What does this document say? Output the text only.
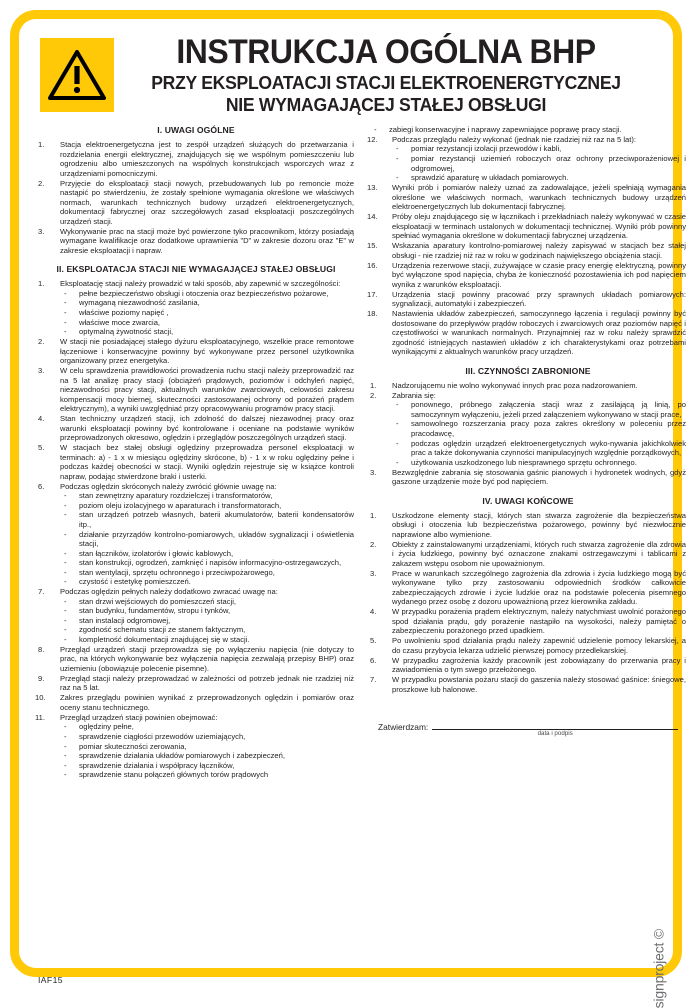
INSTRUKCJA OGÓLNA BHP
PRZY EKSPLOATACJI STACJI ELEKTROENERGTYCZNEJ
NIE WYMAGAJĄCEJ STAŁEJ OBSŁUGI
I. UWAGI OGÓLNE
1.	Stacja elektroenergetyczna jest to zespół urządzeń służących do przetwarzania i rozdzielania energii elektrycznej, znajdujących się we wspólnym pomieszczeniu lub ogrodzeniu albo umieszczonych na wspólnych konstrukcjach wsporczych wraz z urządzeniami pomocniczymi.
2.	Przyjęcie do eksploatacji stacji nowych, przebudowanych lub po remoncie może nastąpić po stwierdzeniu, że zostały spełnione wymagania określone we właściwych normach, warunkach technicznych budowy urządzeń elektroenergetycznych, dokumentacji fabrycznej oraz szczegółowych zasad eksploatacji poszczególnych urządzeń stacji.
3.	Wykonywanie prac na stacji może być powierzone tyko pracownikom, którzy posiadają wymagane kwalifikacje oraz dodatkowe uprawnienia ”D” w zakresie dozoru oraz ”E” w zakresie eksploatacji i napraw.
II. EKSPLOATACJA STACJI NIE WYMAGAJĄCEJ STAŁEJ OBSŁUGI
1.	Eksploatację stacji należy prowadzić w taki sposób, aby zapewnić w szczególności:
- pełne bezpieczeństwo obsługi i otoczenia oraz bezpieczeństwo pożarowe,
- wymaganą niezawodność zasilania,
- właściwe poziomy napięć ,
- właściwe moce zwarcia,
- optymalną żywotność stacji,
2.	W stacji nie posiadającej stałego dyżuru eksploatacyjnego, wszelkie prace remontowe łączeniowe i konserwacyjne powinny być wykonywane przez personel użytkownika organizowany przez energetyka.
3.	W celu sprawdzenia prawidłowości prowadzenia ruchu stacji należy przeprowadzić raz na 5 lat analizę pracy stacji (obciążeń prądowych, poziomów i odchyleń napięć, niezawodności pracy stacji, aktualnych warunków zwarciowych, celowości zakresu kompensacji mocy biernej, skuteczności zastosowanej ochrony od porażeń prądem elektrycznym), a wyniki uwzględniać przy opracowywaniu programów pracy stacji.
4.	Stan techniczny urządzeń stacji, ich zdolność do dalszej niezawodnej pracy oraz warunki eksploatacji powinny być kontrolowane i oceniane na podstawie wyników przeprowadzonych okresowo, oględzin i przeglądów poszczególnych urządzeń stacji.
5.	W stacjach bez stałej obsługi oględziny przeprowadza personel eksploatacji w terminach: a) - 1 x w miesiącu oględziny skrócone, b) - 1 x w roku oględziny pełne i podczas każdej obecności w stacji. Wyniki oględzin rejestruje się w książce kontroli napraw, podając stwierdzone braki i usterki.
6.	Podczas oględzin skróconych należy zwrócić głównie uwagę na:
- stan zewnętrzny aparatury rozdzielczej i transformatorów,
- poziom oleju izolacyjnego w aparaturach i transformatorach,
- stan urządzeń potrzeb własnych, baterii akumulatorów, baterii kondensatorów itp.,
- działanie przyrządów kontrolno-pomiarowych, układów sygnalizacji i oświetlenia stacji,
- stan łączników, izolatorów i głowic kablowych,
- stan konstrukcji, ogrodzeń, zamknięć i napisów informacyjno-ostrzegawczych,
- stan wentylacji, sprzętu ochronnego i przeciwpożarowego,
- czystość i estetykę pomieszczeń.
7.	Podczas oględzin pełnych należy dodatkowo zwracać uwagę na:
- stan drzwi wejściowych do pomieszczeń stacji,
- stan budynku, fundamentów, stropu i tynków,
- stan instalacji odgromowej,
- zgodność schematu stacji ze stanem faktycznym,
- kompletność dokumentacji znajdującej się w stacji.
8.	Przegląd urządzeń stacji przeprowadza się po wyłączeniu napięcia (nie dotyczy to prac, na których wykonywanie bez wyłączenia napięcia zezwalają przepisy BHP) oraz uziemieniu (obowiązuje polecenie pisemne).
9.	Przegląd stacji należy przeprowadzać w zależności od potrzeb jednak nie rzadziej niż raz na 5 lat.
10.	Zakres przeglądu powinien wynikać z przeprowadzonych oględzin i pomiarów oraz oceny stanu technicznego.
11.	Przegląd urządzeń stacji powinien obejmować:
- oględziny pełne,
- sprawdzenie ciągłości przewodów uziemiających,
- pomiar skuteczności zerowania,
- sprawdzenie działania układów pomiarowych i zabezpieczeń,
- sprawdzenie działania i współpracy łączników,
- sprawdzenie stanu połączeń głównych torów prądowych
- zabiegi konserwacyjne i naprawy zapewniające poprawę pracy stacji.
12.	Podczas przeglądu należy wykonać (jednak nie rzadziej niż raz na 5 lat):
- pomiar rezystancji izolacji przewodów i kabli,
- pomiar rezystancji uziemień roboczych oraz ochrony przeciwporażeniowej i odgromowej,
- sprawdzić aparaturę w układach pomiarowych.
13.	Wyniki prób i pomiarów należy uznać za zadowalające, jeżeli spełniają wymagania określone we właściwych normach, warunkach technicznych budowy urządzeń elektroenergetycznych lub dokumentacji fabrycznej.
14.	Próby oleju znajdującego się w łącznikach i przekładniach należy wykonywać w czasie eksploatacji w terminach ustalonych w dokumentacji technicznej. Wyniki prób powinny spełniać wymagania określone w dokumentacji fabrycznej urządzenia.
15.	Wskazania aparatury kontrolno-pomiarowej należy zapisywać w stacjach bez stałej obsługi - nie rzadziej niż raz w roku w godzinach największego obciążenia stacji.
16.	Urządzenia rezerwowe stacji, zużywające w czasie pracy energię elektryczną, powinny być wyłączone spod napięcia, chyba że konieczność pozostawienia ich pod napięciem wynika z warunków eksploatacji.
17.	Urządzenia stacji powinny pracować przy sprawnych układach pomiarowych: sygnalizacji, automatyki i zabezpieczeń.
18.	Nastawienia układów zabezpieczeń, samoczynnego łączenia i regulacji powinny być dostosowane do przepływów prądów roboczych i zwarciowych oraz poziomów napięć i częstotliwości w warunkach normalnych. Przynajmniej raz w roku należy sprawdzić zgodność istniejących nastawień układów z ich charakterystykami oraz potrzebami wynikającymi z aktualnych warunków pracy urządzeń.
III. CZYNNOŚCI ZABRONIONE
1.	Nadzorującemu nie wolno wykonywać innych prac poza nadzorowaniem.
2.	Zabrania się:
- ponownego, próbnego załączenia stacji wraz z zasilającą ją linią, po samoczynnym wyłączeniu, jeżeli przed załączeniem wykonywano w stacji prace,
- samowolnego rozszerzania pracy poza zakres określony w poleceniu przez pracodawcę,
- podczas oględzin urządzeń elektroenergetycznych wyko-nywania jakichkolwiek prac a także dokonywania czynności manipulacyjnych względnie porządkowych,
- użytkowania uszkodzonego lub niesprawnego sprzętu ochronnego.
3.	Bezwzględnie zabrania się stosowania gaśnic pianowych i hydronetek wodnych, gdyż gaszone urządzenie może być pod napięciem.
IV. UWAGI KOŃCOWE
1.	Uszkodzone elementy stacji, których stan stwarza zagrożenie dla bezpieczeństwa obsługi i otoczenia lub bezpieczeństwa pożarowego, powinny być niezwłocznie naprawione albo wymienione.
2.	Obiekty z zainstalowanymi urządzeniami, których ruch stwarza zagrożenie dla zdrowia i życia ludzkiego, powinny być oznaczone znakami ostrzegawczymi i tablicami z zakazem wstępu osobom nie upoważnionym.
3.	Prace w warunkach szczególnego zagrożenia dla zdrowia i życia ludzkiego mogą być wykonywane tylko przy zastosowaniu odpowiednich środków całkowicie zabezpieczających zdrowie i życie ludzkie oraz na podstawie polecenia pisemnego wydanego przez osobę z dozoru upoważnioną przez kierownika zakładu.
4.	W przypadku porażenia prądem elektrycznym, należy natychmiast uwolnić porażonego spod działania prądu, gdy porażenie nastąpiło na wysokości, należy pamiętać o zabezpieczeniu porażonego przed upadkiem.
5.	Po uwolnieniu spod działania prądu należy zapewnić udzielenie pomocy lekarskiej, a do czasu przybycia lekarza udzielić pierwszej pomocy przedlekarskiej.
6.	W przypadku zagrożenia każdy pracownik jest zobowiązany do przerwania pracy i zawiadomienia o tym swego przełożonego.
7.	W przypadku powstania pożaru stacji do gaszenia należy stosować gaśnice: śniegowe, proszkowe lub halonowe.
Zatwierdzam:
data i podpis
IAF15	signproject ©
